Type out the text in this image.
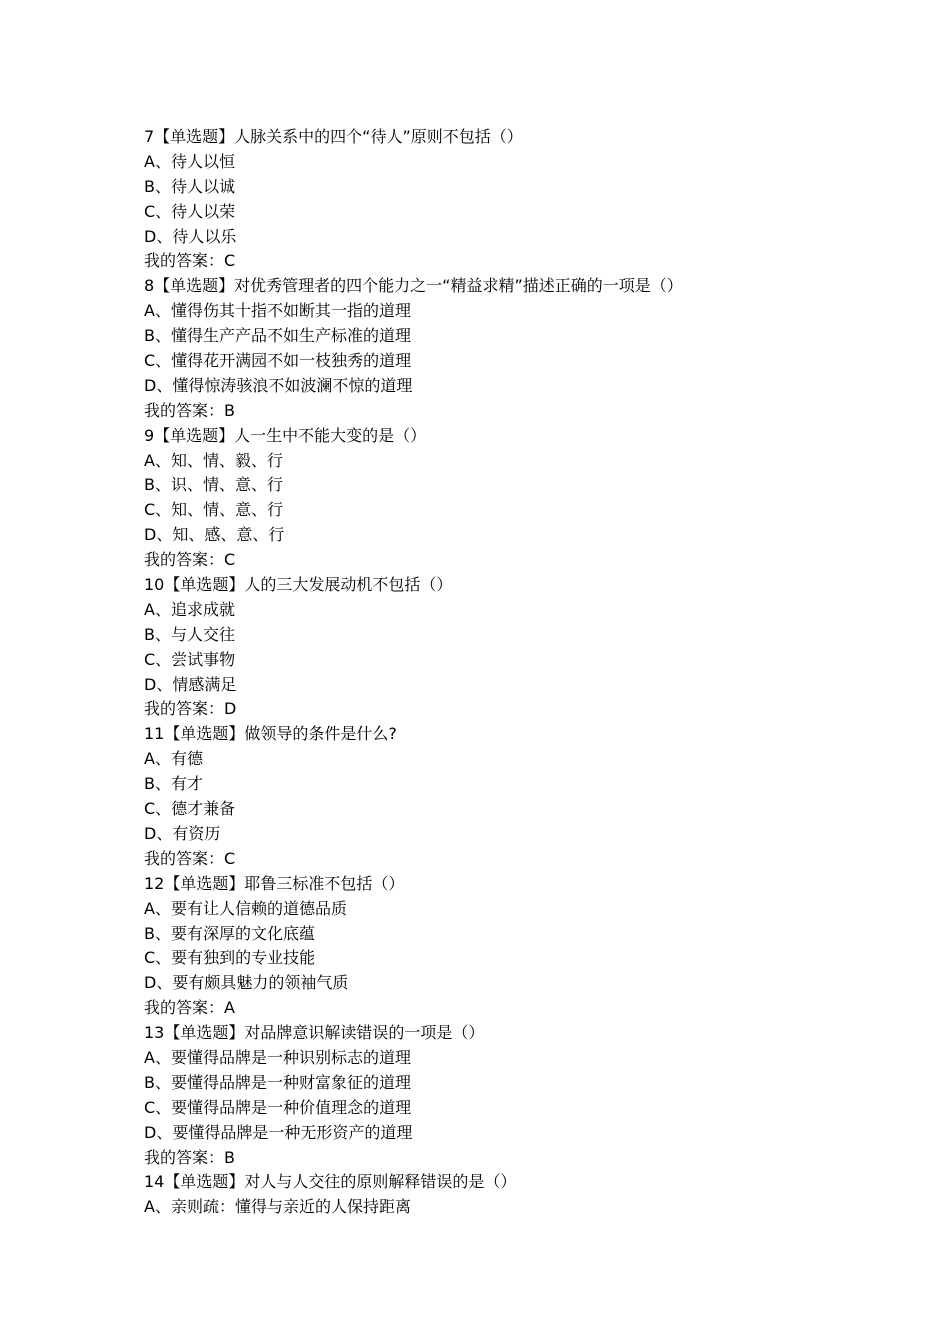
7【单选题】人脉关系中的四个“待人”原则不包括（）
A、待人以恒
B、待人以诚
C、待人以荣
D、待人以乐
我的答案：C
8【单选题】对优秀管理者的四个能力之一“精益求精”描述正确的一项是（）
A、懂得伤其十指不如断其一指的道理
B、懂得生产产品不如生产标准的道理
C、懂得花开满园不如一枝独秀的道理
D、懂得惊涛骇浪不如波澜不惊的道理
我的答案：B
9【单选题】人一生中不能大变的是（）
A、知、情、毅、行
B、识、情、意、行
C、知、情、意、行
D、知、感、意、行
我的答案：C
10【单选题】人的三大发展动机不包括（）
A、追求成就
B、与人交往
C、尝试事物
D、情感满足
我的答案：D
11【单选题】做领导的条件是什么?
A、有德
B、有才
C、德才兼备
D、有资历
我的答案：C
12【单选题】耶鲁三标准不包括（）
A、要有让人信赖的道德品质
B、要有深厚的文化底蕴
C、要有独到的专业技能
D、要有颇具魅力的领袖气质
我的答案：A
13【单选题】对品牌意识解读错误的一项是（）
A、要懂得品牌是一种识别标志的道理
B、要懂得品牌是一种财富象征的道理
C、要懂得品牌是一种价值理念的道理
D、要懂得品牌是一种无形资产的道理
我的答案：B
14【单选题】对人与人交往的原则解释错误的是（）
A、亲则疏：懂得与亲近的人保持距离
